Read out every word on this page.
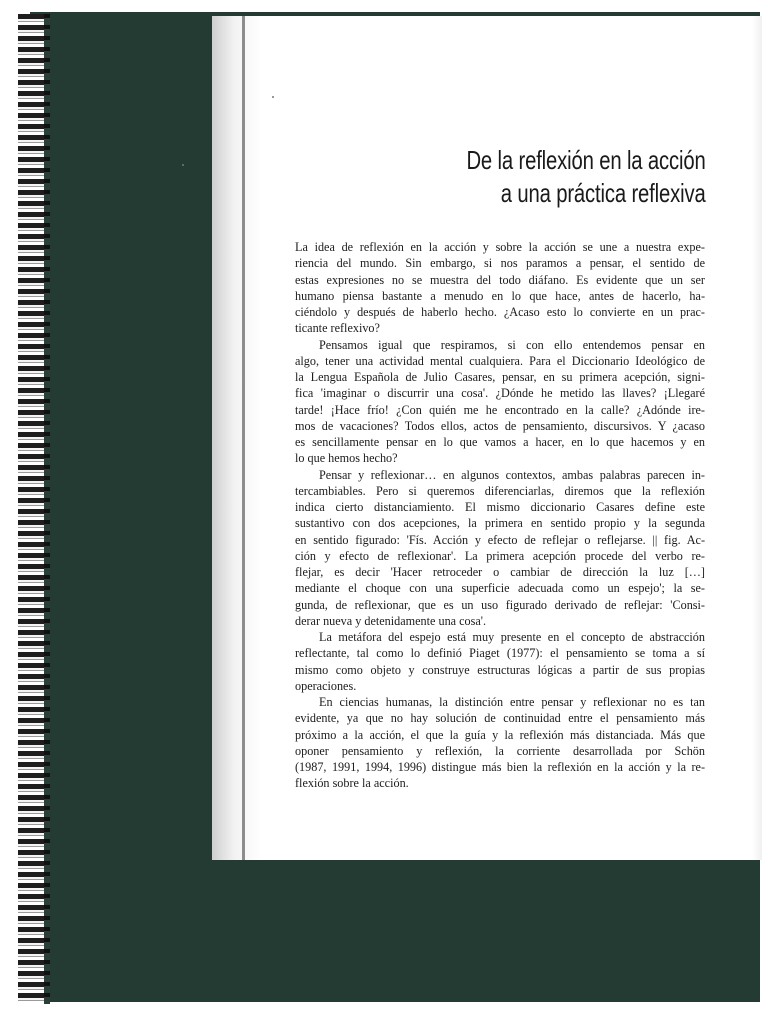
De la reflexión en la acción
a una práctica reflexiva
La idea de reflexión en la acción y sobre la acción se une a nuestra expe-
riencia del mundo. Sin embargo, si nos paramos a pensar, el sentido de
estas expresiones no se muestra del todo diáfano. Es evidente que un ser
humano piensa bastante a menudo en lo que hace, antes de hacerlo, ha-
ciéndolo y después de haberlo hecho. ¿Acaso esto lo convierte en un prac-
ticante reflexivo?
Pensamos igual que respiramos, si con ello entendemos pensar en
algo, tener una actividad mental cualquiera. Para el Diccionario Ideológico de
la Lengua Española de Julio Casares, pensar, en su primera acepción, signi-
fica 'imaginar o discurrir una cosa'. ¿Dónde he metido las llaves? ¡Llegaré
tarde! ¡Hace frío! ¿Con quién me he encontrado en la calle? ¿Adónde ire-
mos de vacaciones? Todos ellos, actos de pensamiento, discursivos. Y ¿acaso
es sencillamente pensar en lo que vamos a hacer, en lo que hacemos y en
lo que hemos hecho?
Pensar y reflexionar… en algunos contextos, ambas palabras parecen in-
tercambiables. Pero si queremos diferenciarlas, diremos que la reflexión
indica cierto distanciamiento. El mismo diccionario Casares define este
sustantivo con dos acepciones, la primera en sentido propio y la segunda
en sentido figurado: 'Fís. Acción y efecto de reflejar o reflejarse. || fig. Ac-
ción y efecto de reflexionar'. La primera acepción procede del verbo re-
flejar, es decir 'Hacer retroceder o cambiar de dirección la luz […]
mediante el choque con una superficie adecuada como un espejo'; la se-
gunda, de reflexionar, que es un uso figurado derivado de reflejar: 'Consi-
derar nueva y detenidamente una cosa'.
La metáfora del espejo está muy presente en el concepto de abstracción
reflectante, tal como lo definió Piaget (1977): el pensamiento se toma a sí
mismo como objeto y construye estructuras lógicas a partir de sus propias
operaciones.
En ciencias humanas, la distinción entre pensar y reflexionar no es tan
evidente, ya que no hay solución de continuidad entre el pensamiento más
próximo a la acción, el que la guía y la reflexión más distanciada. Más que
oponer pensamiento y reflexión, la corriente desarrollada por Schön
(1987, 1991, 1994, 1996) distingue más bien la reflexión en la acción y la re-
flexión sobre la acción.
